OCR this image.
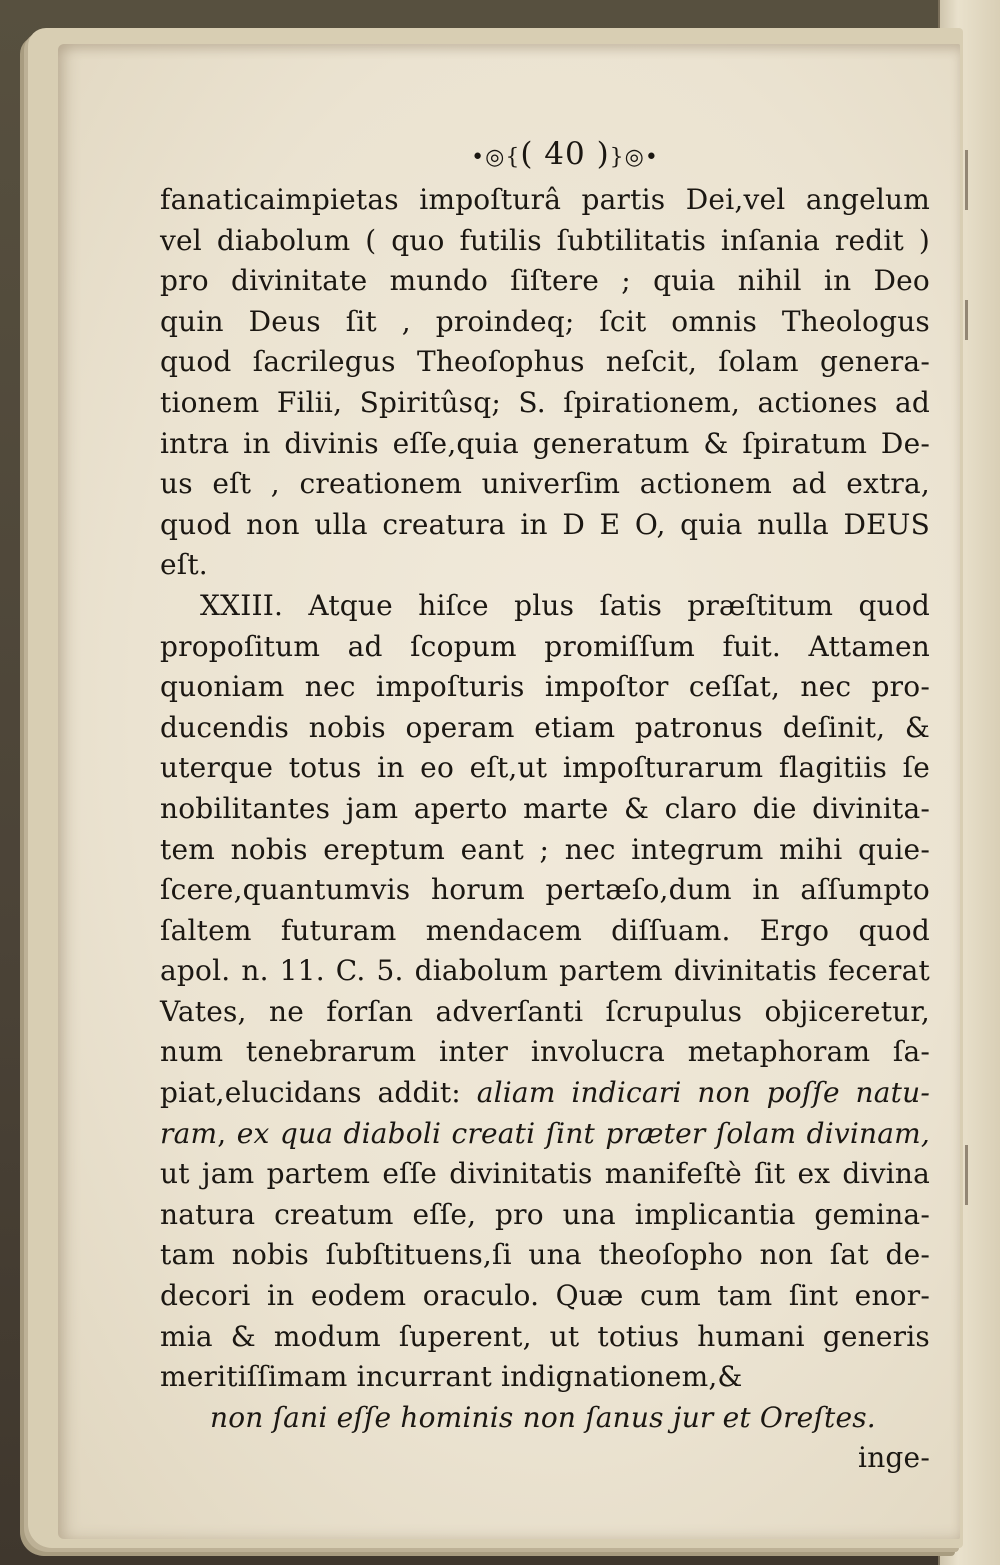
•◎{( 40 )}◎•
fanaticaimpietas impoſturâ partis Dei,vel angelum
vel diabolum ( quo futilis ſubtilitatis inſania redit )
pro divinitate mundo ſiſtere ; quia nihil in Deo
quin Deus ſit , proindeq; ſcit omnis Theologus
quod ſacrilegus Theoſophus neſcit, ſolam genera-
tionem Filii, Spiritûsq; S. ſpirationem, actiones ad
intra in divinis eſſe,quia generatum & ſpiratum De-
us eſt , creationem univerſim actionem ad extra,
quod non ulla creatura in D E O, quia nulla DEUS
eſt.
XXIII. Atque hiſce plus ſatis præſtitum quod
propoſitum ad ſcopum promiſſum fuit. Attamen
quoniam nec impoſturis impoſtor ceſſat, nec pro-
ducendis nobis operam etiam patronus deſinit, &
uterque totus in eo eſt,ut impoſturarum flagitiis ſe
nobilitantes jam aperto marte & claro die divinita-
tem nobis ereptum eant ; nec integrum mihi quie-
ſcere,quantumvis horum pertæſo,dum in aſſumpto
ſaltem futuram mendacem diſſuam. Ergo quod
apol. n. 11. C. 5. diabolum partem divinitatis fecerat
Vates, ne forſan adverſanti ſcrupulus objiceretur,
num tenebrarum inter involucra metaphoram ſa-
piat,elucidans addit: aliam indicari non poſſe natu-
ram, ex qua diaboli creati ſint præter ſolam divinam,
ut jam partem eſſe divinitatis manifeſtè ſit ex divina
natura creatum eſſe, pro una implicantia gemina-
tam nobis ſubſtituens,ſi una theoſopho non ſat de-
decori in eodem oraculo. Quæ cum tam ſint enor-
mia & modum ſuperent, ut totius humani generis
meritiſſimam incurrant indignationem,&
non ſani eſſe hominis non ſanus jur et Oreſtes.
inge-
